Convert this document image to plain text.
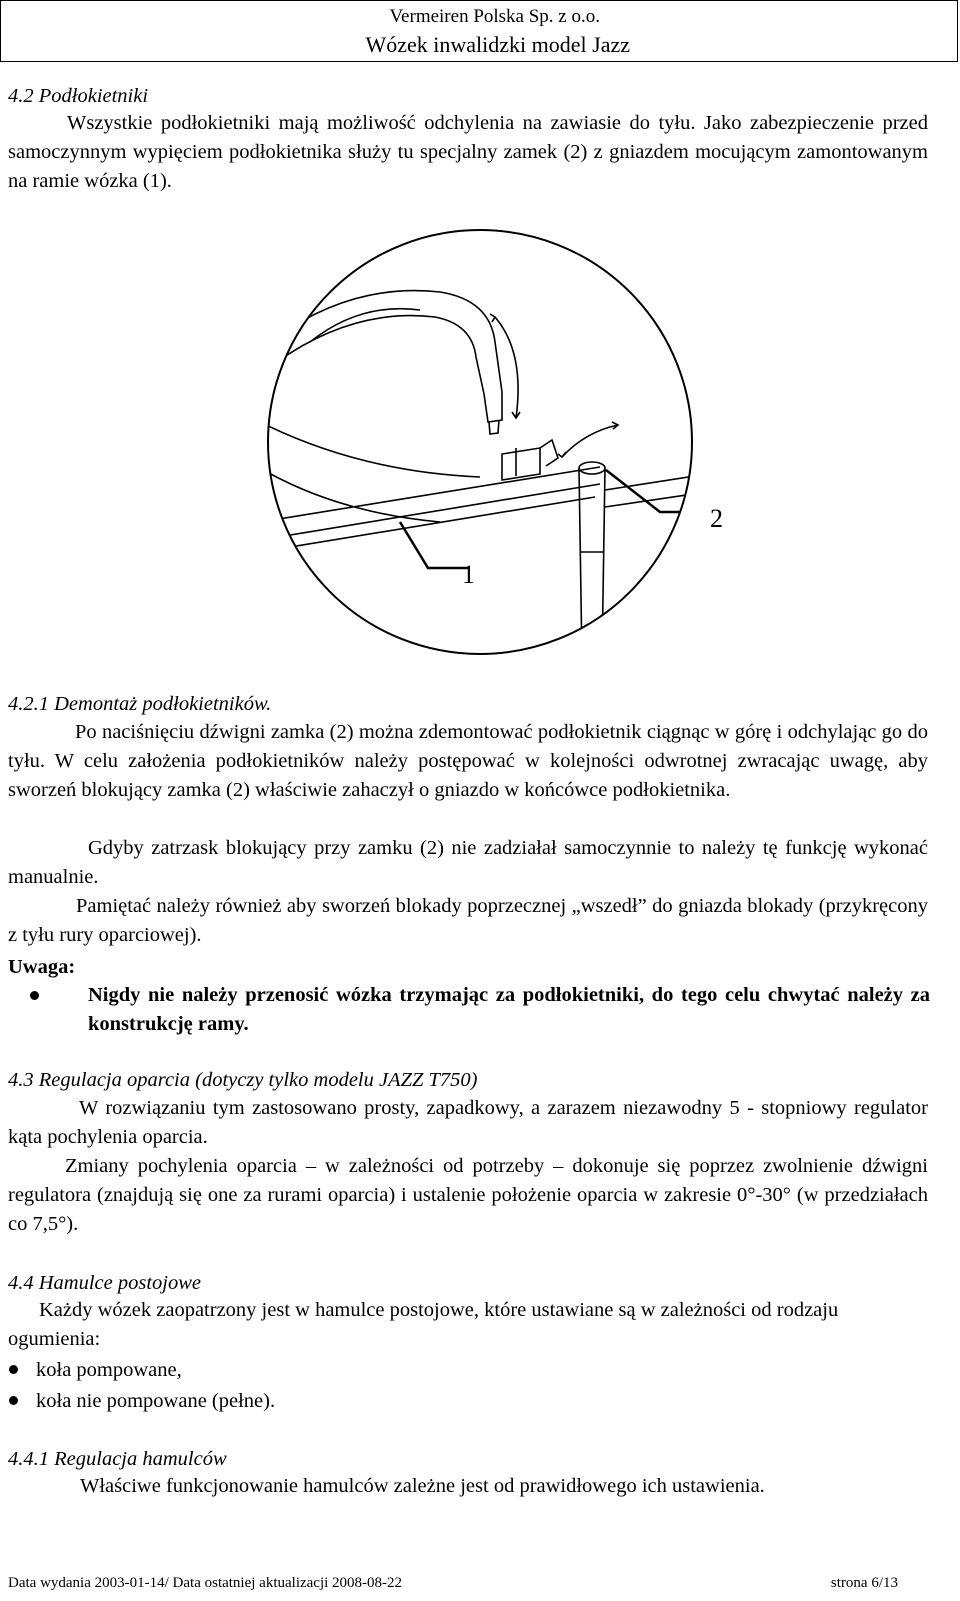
Vermeiren Polska Sp. z o.o.
Wózek inwalidzki model Jazz
4.2 Podłokietniki
Wszystkie podłokietniki mają możliwość odchylenia na zawiasie do tyłu. Jako zabezpieczenie przed samoczynnym wypięciem podłokietnika służy tu specjalny zamek (2) z gniazdem mocującym zamontowanym na ramie wózka (1).
1
2
4.2.1 Demontaż podłokietników.
Po naciśnięciu dźwigni zamka (2) można zdemontować podłokietnik ciągnąc w górę i odchylając go do tyłu. W celu założenia podłokietników należy postępować w kolejności odwrotnej zwracając uwagę, aby sworzeń blokujący zamka (2) właściwie zahaczył o gniazdo w końcówce podłokietnika.
Gdyby zatrzask blokujący przy zamku (2) nie zadziałał samoczynnie to należy tę funkcję wykonać manualnie.
Pamiętać należy również aby sworzeń blokady poprzecznej „wszedł” do gniazda blokady (przykręcony z tyłu rury oparciowej).
Uwaga:
Nigdy nie należy przenosić wózka trzymając za podłokietniki, do tego celu chwytać należy za konstrukcję ramy.
4.3 Regulacja oparcia (dotyczy tylko modelu JAZZ T750)
W rozwiązaniu tym zastosowano prosty, zapadkowy, a zarazem niezawodny 5 - stopniowy regulator kąta pochylenia oparcia.
Zmiany pochylenia oparcia – w zależności od potrzeby – dokonuje się poprzez zwolnienie dźwigni regulatora (znajdują się one za rurami oparcia) i ustalenie położenie oparcia w zakresie 0°-30° (w przedziałach co 7,5°).
4.4 Hamulce postojowe
Każdy wózek zaopatrzony jest w hamulce postojowe, które ustawiane są w zależności od rodzaju ogumienia:
koła pompowane,
koła nie pompowane (pełne).
4.4.1 Regulacja hamulców
Właściwe funkcjonowanie hamulców zależne jest od prawidłowego ich ustawienia.
Data wydania 2003-01-14/ Data ostatniej aktualizacji 2008-08-22	strona 6/13
